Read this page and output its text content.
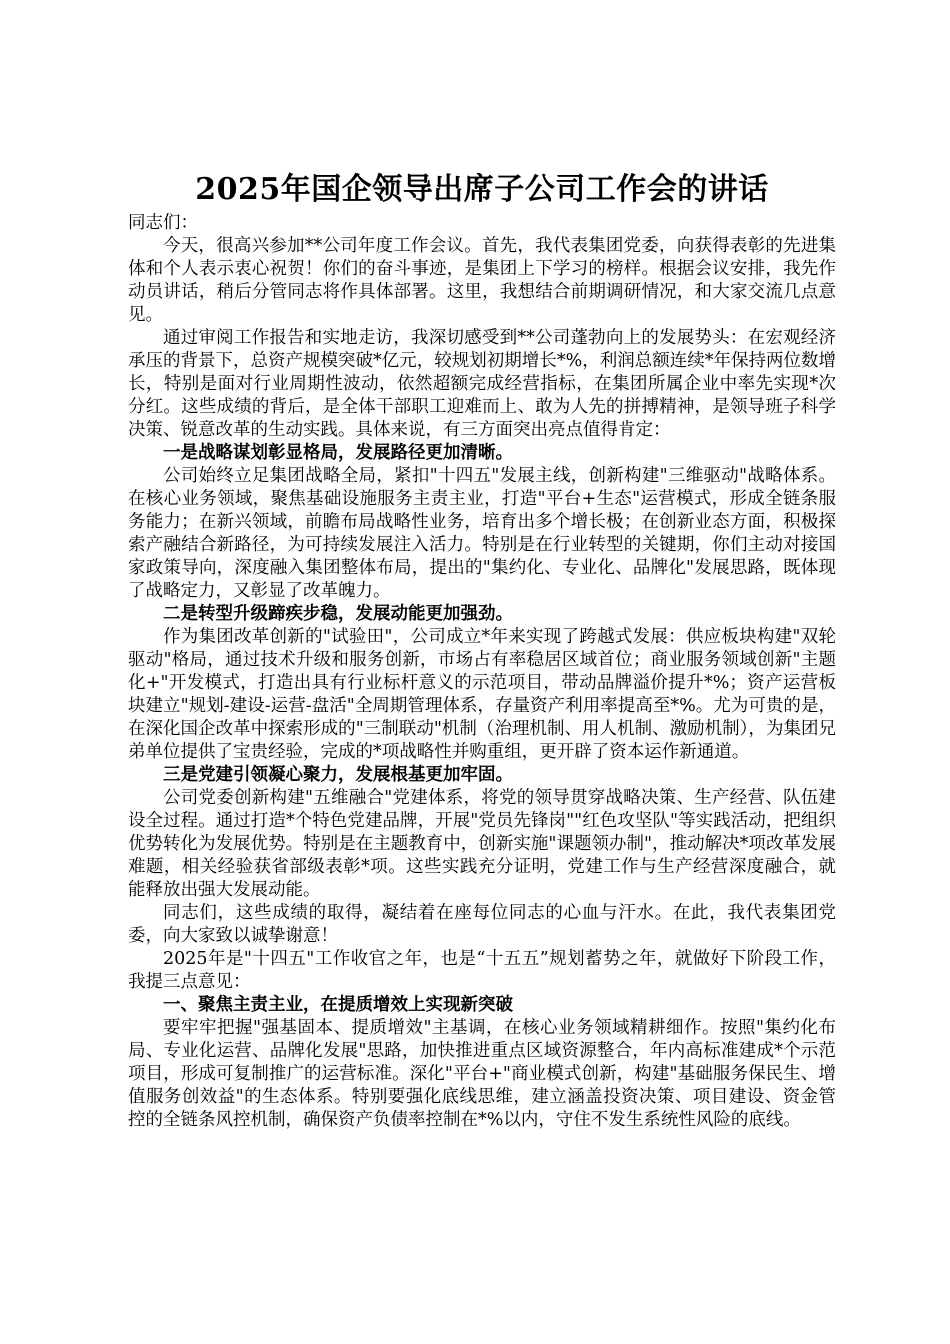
2025年国企领导出席子公司工作会的讲话

同志们：

今天，很高兴参加**公司年度工作会议。首先，我代表集团党委，向获得表彰的先进集体和个人表示衷心祝贺！你们的奋斗事迹，是集团上下学习的榜样。根据会议安排，我先作动员讲话，稍后分管同志将作具体部署。这里，我想结合前期调研情况，和大家交流几点意见。

通过审阅工作报告和实地走访，我深切感受到**公司蓬勃向上的发展势头：在宏观经济承压的背景下，总资产规模突破*亿元，较规划初期增长*%，利润总额连续*年保持两位数增长，特别是面对行业周期性波动，依然超额完成经营指标，在集团所属企业中率先实现*次分红。这些成绩的背后，是全体干部职工迎难而上、敢为人先的拼搏精神，是领导班子科学决策、锐意改革的生动实践。具体来说，有三方面突出亮点值得肯定：

一是战略谋划彰显格局，发展路径更加清晰。

公司始终立足集团战略全局，紧扣"十四五"发展主线，创新构建"三维驱动"战略体系。在核心业务领域，聚焦基础设施服务主责主业，打造"平台+生态"运营模式，形成全链条服务能力；在新兴领域，前瞻布局战略性业务，培育出多个增长极；在创新业态方面，积极探索产融结合新路径，为可持续发展注入活力。特别是在行业转型的关键期，你们主动对接国家政策导向，深度融入集团整体布局，提出的"集约化、专业化、品牌化"发展思路，既体现了战略定力，又彰显了改革魄力。

二是转型升级蹄疾步稳，发展动能更加强劲。

作为集团改革创新的"试验田"，公司成立*年来实现了跨越式发展：供应板块构建"双轮驱动"格局，通过技术升级和服务创新，市场占有率稳居区域首位；商业服务领域创新"主题化+"开发模式，打造出具有行业标杆意义的示范项目，带动品牌溢价提升*%；资产运营板块建立"规划-建设-运营-盘活"全周期管理体系，存量资产利用率提高至*%。尤为可贵的是，在深化国企改革中探索形成的"三制联动"机制（治理机制、用人机制、激励机制），为集团兄弟单位提供了宝贵经验，完成的*项战略性并购重组，更开辟了资本运作新通道。

三是党建引领凝心聚力，发展根基更加牢固。

公司党委创新构建"五维融合"党建体系，将党的领导贯穿战略决策、生产经营、队伍建设全过程。通过打造*个特色党建品牌，开展"党员先锋岗""红色攻坚队"等实践活动，把组织优势转化为发展优势。特别是在主题教育中，创新实施"课题领办制"，推动解决*项改革发展难题，相关经验获省部级表彰*项。这些实践充分证明，党建工作与生产经营深度融合，就能释放出强大发展动能。

同志们，这些成绩的取得，凝结着在座每位同志的心血与汗水。在此，我代表集团党委，向大家致以诚挚谢意！

2025年是"十四五"工作收官之年，也是“十五五”规划蓄势之年，就做好下阶段工作，我提三点意见：

一、聚焦主责主业，在提质增效上实现新突破

要牢牢把握"强基固本、提质增效"主基调，在核心业务领域精耕细作。按照"集约化布局、专业化运营、品牌化发展"思路，加快推进重点区域资源整合，年内高标准建成*个示范项目，形成可复制推广的运营标准。深化"平台+"商业模式创新，构建"基础服务保民生、增值服务创效益"的生态体系。特别要强化底线思维，建立涵盖投资决策、项目建设、资金管控的全链条风控机制，确保资产负债率控制在*%以内，守住不发生系统性风险的底线。
